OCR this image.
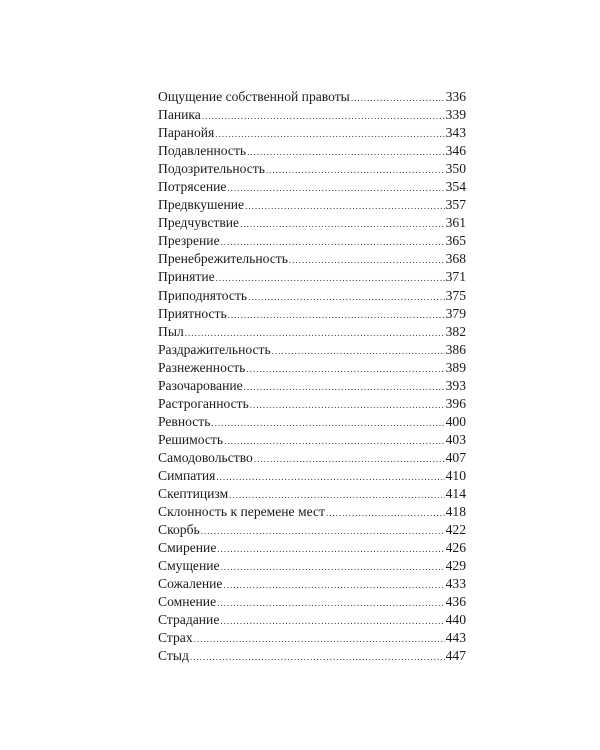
Ощущение собственной правоты .....	336
Паника .....	339
Паранойя .....	343
Подавленность .....	346
Подозрительность .....	350
Потрясение .....	354
Предвкушение .....	357
Предчувствие .....	361
Презрение .....	365
Пренебрежительность .....	368
Принятие .....	371
Приподнятость .....	375
Приятность .....	379
Пыл .....	382
Раздражительность .....	386
Разнеженность .....	389
Разочарование .....	393
Растроганность .....	396
Ревность .....	400
Решимость .....	403
Самодовольство .....	407
Симпатия .....	410
Скептицизм .....	414
Склонность к перемене мест .....	418
Скорбь .....	422
Смирение .....	426
Смущение .....	429
Сожаление .....	433
Сомнение .....	436
Страдание .....	440
Страх .....	443
Стыд .....	447
